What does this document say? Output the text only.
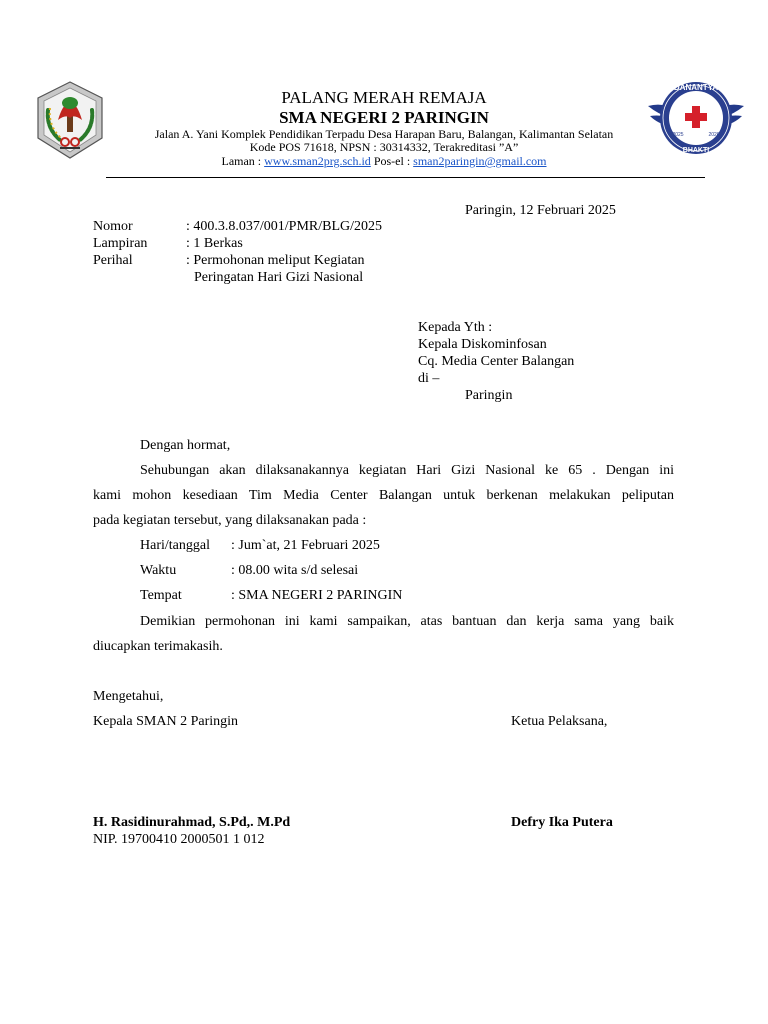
DANANTYA
BHAKTI
2025	2026
PALANG MERAH REMAJA
SMA NEGERI 2 PARINGIN
Jalan A. Yani Komplek Pendidikan Terpadu Desa Harapan Baru, Balangan, Kalimantan Selatan
Kode POS 71618, NPSN : 30314332, Terakreditasi ”A”
Laman : www.sman2prg.sch.id Pos-el : sman2paringin@gmail.com
Paringin, 12 Februari 2025
Nomor	: 400.3.8.037/001/PMR/BLG/2025
Lampiran	: 1 Berkas
Perihal	: Permohonan meliput Kegiatan
Peringatan Hari Gizi Nasional
Kepada Yth :
Kepala Diskominfosan
Cq. Media Center Balangan
di –
Paringin
Dengan hormat,
Sehubungan akan dilaksanakannya kegiatan Hari Gizi Nasional ke 65 . Dengan ini
kami mohon kesediaan Tim Media Center Balangan untuk berkenan melakukan peliputan
pada kegiatan tersebut, yang dilaksanakan pada :
Hari/tanggal : Jum`at, 21 Februari 2025
Waktu	: 08.00 wita s/d selesai
Tempat	: SMA NEGERI 2 PARINGIN
Demikian permohonan ini kami sampaikan, atas bantuan dan kerja sama yang baik
diucapkan terimakasih.
Mengetahui,
Kepala SMAN 2 Paringin	Ketua Pelaksana,
H. Rasidinurahmad, S.Pd,. M.Pd	Defry Ika Putera
NIP. 19700410 2000501 1 012
